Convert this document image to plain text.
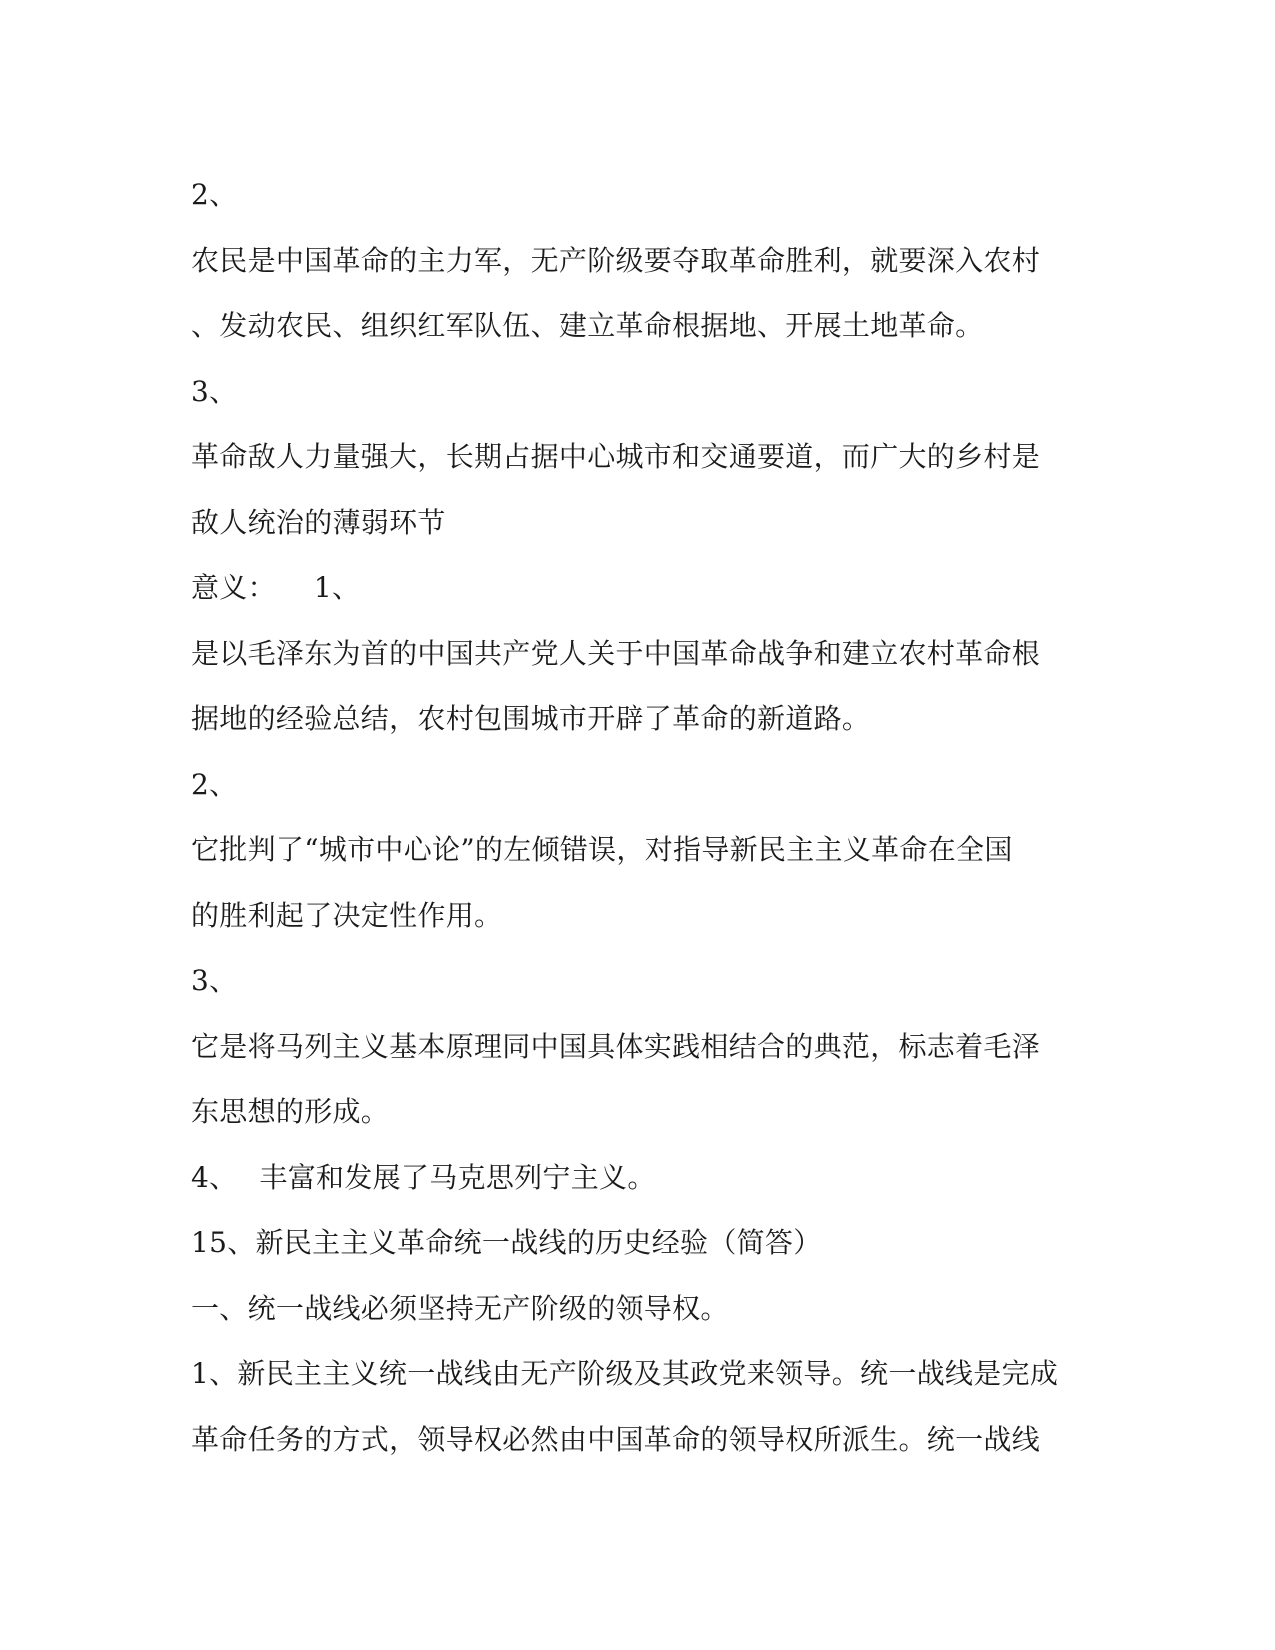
2、
农民是中国革命的主力军，无产阶级要夺取革命胜利，就要深入农村
、发动农民、组织红军队伍、建立革命根据地、开展土地革命。
3、
革命敌人力量强大，长期占据中心城市和交通要道，而广大的乡村是
敌人统治的薄弱环节
意义： 1、
是以毛泽东为首的中国共产党人关于中国革命战争和建立农村革命根
据地的经验总结，农村包围城市开辟了革命的新道路。
2、
它批判了“城市中心论”的左倾错误，对指导新民主主义革命在全国
的胜利起了决定性作用。
3、
它是将马列主义基本原理同中国具体实践相结合的典范，标志着毛泽
东思想的形成。
4、 丰富和发展了马克思列宁主义。
15、新民主主义革命统一战线的历史经验（简答）
一、统一战线必须坚持无产阶级的领导权。
1、新民主主义统一战线由无产阶级及其政党来领导。统一战线是完成
革命任务的方式，领导权必然由中国革命的领导权所派生。统一战线
